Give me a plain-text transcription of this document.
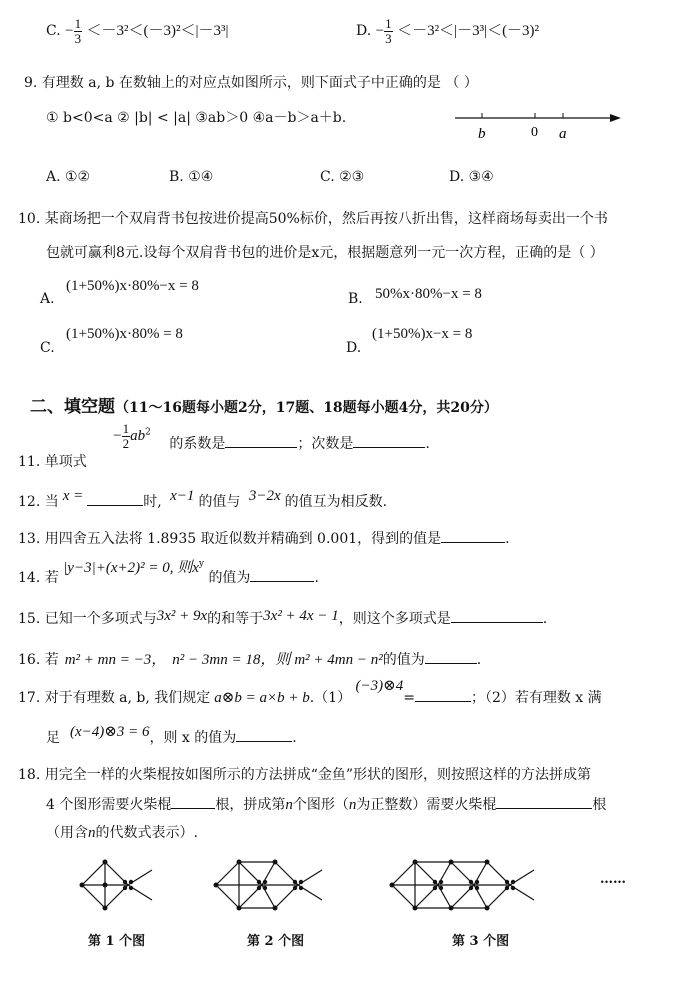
C. − $\frac{1}{3} <-3^2<(-3)^2<|-3^3|$	D. − $\frac{1}{3} <-3^2<|-3^3|<(-3)^2$
9. 有理数 a, b 在数轴上的对应点如图所示，则下面式子中正确的是 （ ）
① b<0<a ② |b| < |a| ③ab＞0 ④a－b＞a＋b.
b	0 a
A. ①②	B. ①④	C. ②③	D. ③④
10. 某商场把一个双肩背书包按进价提高50%标价，然后再按八折出售，这样商场每卖出一个书
包就可赢利8元.设每个双肩背书包的进价是x元，根据题意列一元一次方程，正确的是（ ）
A.
(1+50%)x·80%−x = 8
B. 50%x·80%−x = 8
C.
(1+50%)x·80% = 8
D.
(1+50%)x−x = 8
二、填空题（11～16题每小题2分，17题、18题每小题4分，共20分）
11. 单项式 − $\frac{1}{2} ab^2$ 的系数是	；次数是	.
12. 当 x =	时, x−1 的值与 3−2x 的值互为相反数.
13. 用四舍五入法将 1.8935 取近似数并精确到 0.001，得到的值是	.
14. 若 |y−3|+(x+2)² = 0, 则$x^y$ 的值为	.
15. 已知一个多项式与3x² + 9x的和等于3x² + 4x − 1，则这个多项式是	.
16. 若 m² + mn = −3， n² − 3mn = 18，则 m² + 4mn − n²的值为	.
17. 对于有理数 a, b, 我们规定 a⊗b = a×b + b.（1） (−3)⊗4=	；（2）若有理数 x 满
足 (x−4)⊗3 = 6，则 x 的值为	.
18. 用完全一样的火柴棍按如图所示的方法拼成“金鱼”形状的图形，则按照这样的方法拼成第
4 个图形需要火柴棍	根，拼成第n个图形（n为正整数）需要火柴棍	根
（用含n的代数式表示）.
……
第 1 个图	第 2 个图	第 3 个图
